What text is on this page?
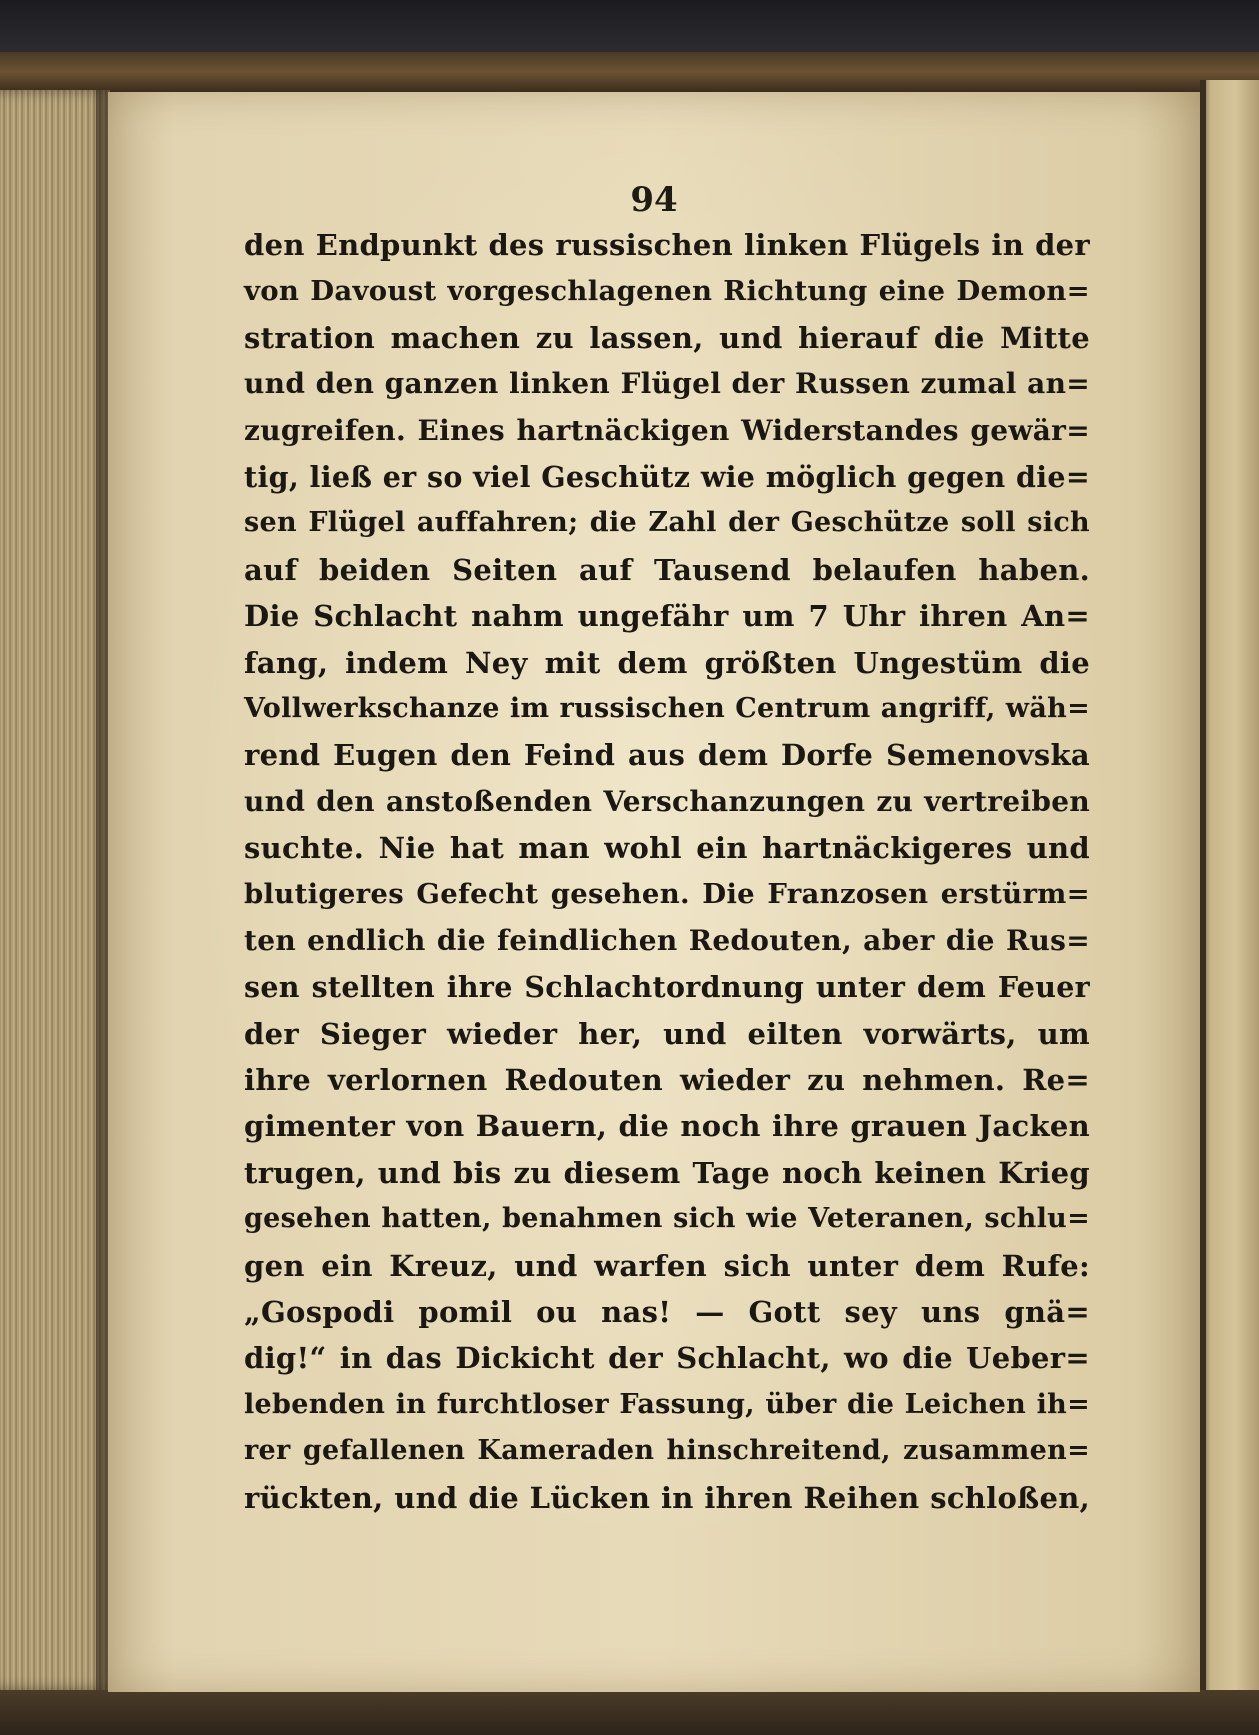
94
den Endpunkt des russischen linken Flügels in der
von Davoust vorgeschlagenen Richtung eine Demon=
stration machen zu lassen, und hierauf die Mitte
und den ganzen linken Flügel der Russen zumal an=
zugreifen. Eines hartnäckigen Widerstandes gewär=
tig, ließ er so viel Geschütz wie möglich gegen die=
sen Flügel auffahren; die Zahl der Geschütze soll sich
auf beiden Seiten auf Tausend belaufen haben.
Die Schlacht nahm ungefähr um 7 Uhr ihren An=
fang, indem Ney mit dem größten Ungestüm die
Vollwerkschanze im russischen Centrum angriff, wäh=
rend Eugen den Feind aus dem Dorfe Semenovska
und den anstoßenden Verschanzungen zu vertreiben
suchte. Nie hat man wohl ein hartnäckigeres und
blutigeres Gefecht gesehen. Die Franzosen erstürm=
ten endlich die feindlichen Redouten, aber die Rus=
sen stellten ihre Schlachtordnung unter dem Feuer
der Sieger wieder her, und eilten vorwärts, um
ihre verlornen Redouten wieder zu nehmen. Re=
gimenter von Bauern, die noch ihre grauen Jacken
trugen, und bis zu diesem Tage noch keinen Krieg
gesehen hatten, benahmen sich wie Veteranen, schlu=
gen ein Kreuz, und warfen sich unter dem Rufe:
„Gospodi pomil ou nas! — Gott sey uns gnä=
dig!“ in das Dickicht der Schlacht, wo die Ueber=
lebenden in furchtloser Fassung, über die Leichen ih=
rer gefallenen Kameraden hinschreitend, zusammen=
rückten, und die Lücken in ihren Reihen schloßen,
